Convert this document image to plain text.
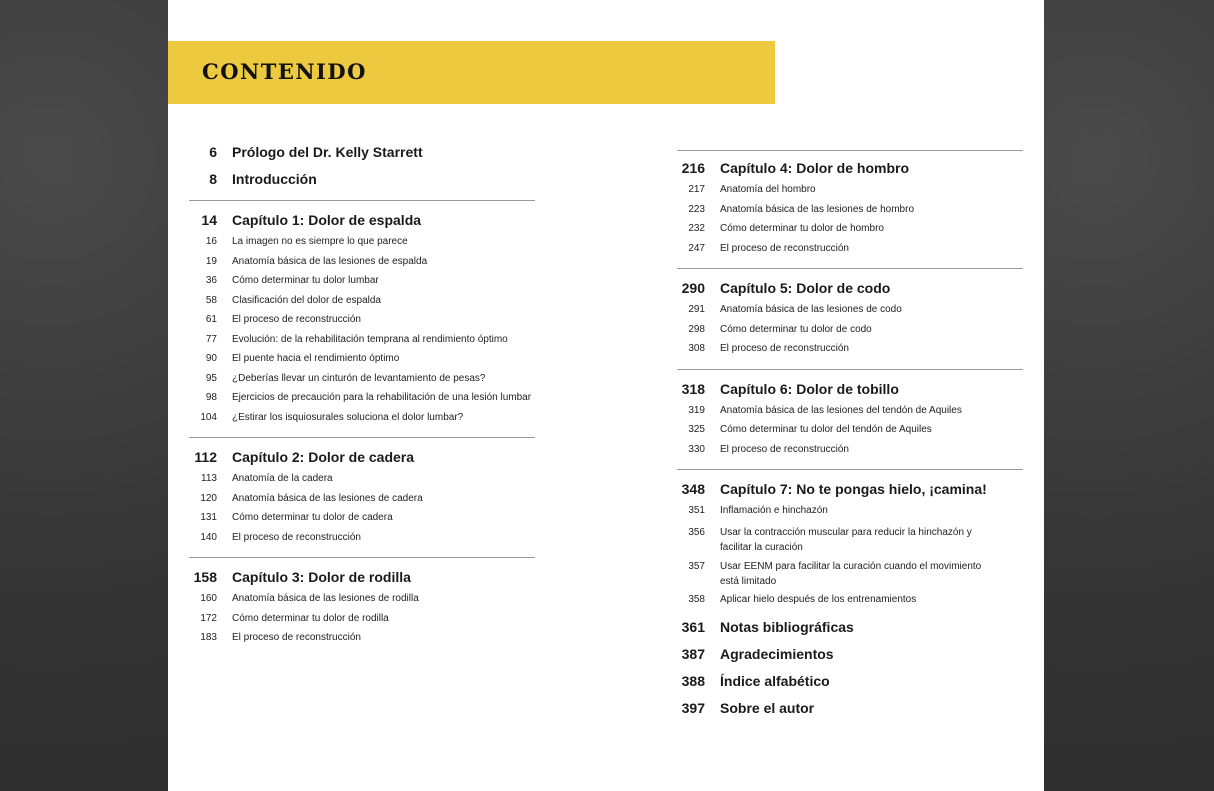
CONTENIDO
6 Prólogo del Dr. Kelly Starrett
8 Introducción
14 Capítulo 1: Dolor de espalda
16 La imagen no es siempre lo que parece
19 Anatomía básica de las lesiones de espalda
36 Cómo determinar tu dolor lumbar
58 Clasificación del dolor de espalda
61 El proceso de reconstrucción
77 Evolución: de la rehabilitación temprana al rendimiento óptimo
90 El puente hacia el rendimiento óptimo
95 ¿Deberías llevar un cinturón de levantamiento de pesas?
98 Ejercicios de precaución para la rehabilitación de una lesión lumbar
104 ¿Estirar los isquiosurales soluciona el dolor lumbar?
112 Capítulo 2: Dolor de cadera
113 Anatomía de la cadera
120 Anatomía básica de las lesiones de cadera
131 Cómo determinar tu dolor de cadera
140 El proceso de reconstrucción
158 Capítulo 3: Dolor de rodilla
160 Anatomía básica de las lesiones de rodilla
172 Cómo determinar tu dolor de rodilla
183 El proceso de reconstrucción
216 Capítulo 4: Dolor de hombro
217 Anatomía del hombro
223 Anatomía básica de las lesiones de hombro
232 Cómo determinar tu dolor de hombro
247 El proceso de reconstrucción
290 Capítulo 5: Dolor de codo
291 Anatomía básica de las lesiones de codo
298 Cómo determinar tu dolor de codo
308 El proceso de reconstrucción
318 Capítulo 6: Dolor de tobillo
319 Anatomía básica de las lesiones del tendón de Aquiles
325 Cómo determinar tu dolor del tendón de Aquiles
330 El proceso de reconstrucción
348 Capítulo 7: No te pongas hielo, ¡camina!
351 Inflamación e hinchazón
356 Usar la contracción muscular para reducir la hinchazón y facilitar la curación
357 Usar EENM para facilitar la curación cuando el movimiento está limitado
358 Aplicar hielo después de los entrenamientos
361 Notas bibliográficas
387 Agradecimientos
388 Índice alfabético
397 Sobre el autor
